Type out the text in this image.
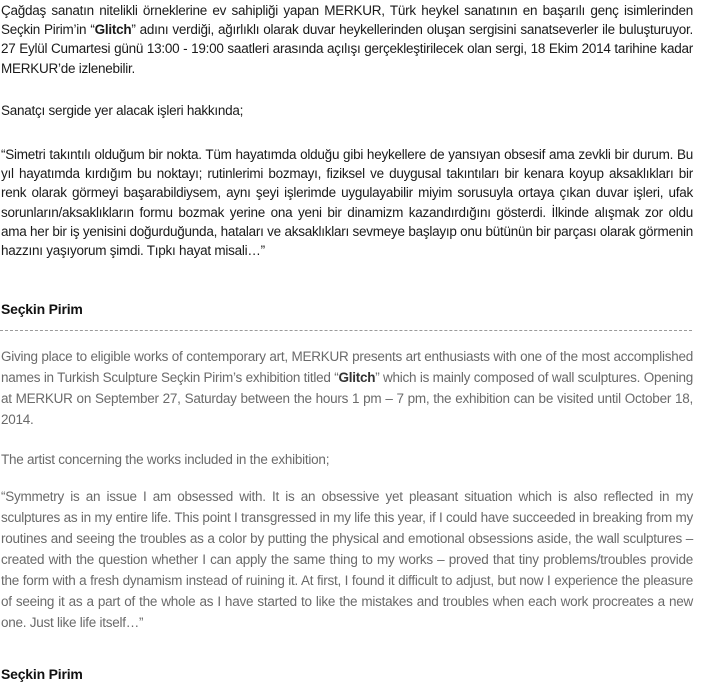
Çağdaş sanatın nitelikli örneklerine ev sahipliği yapan MERKUR, Türk heykel sanatının en başarılı genç isimlerinden Seçkin Pirim’in “Glitch” adını verdiği, ağırlıklı olarak duvar heykellerinden oluşan sergisini sanatseverler ile buluşturuyor. 27 Eylül Cumartesi günü 13:00 - 19:00 saatleri arasında açılışı gerçekleştirilecek olan sergi, 18 Ekim 2014 tarihine kadar MERKUR’de izlenebilir.

Sanatçı sergide yer alacak işleri hakkında;

“Simetri takıntılı olduğum bir nokta. Tüm hayatımda olduğu gibi heykellere de yansıyan obsesif ama zevkli bir durum. Bu yıl hayatımda kırdığım bu noktayı; rutinlerimi bozmayı, fiziksel ve duygusal takıntıları bir kenara koyup aksaklıkları bir renk olarak görmeyi başarabildiysem, aynı şeyi işlerimde uygulayabilir miyim sorusuyla ortaya çıkan duvar işleri, ufak sorunların/aksaklıkların formu bozmak yerine ona yeni bir dinamizm kazandırdığını gösterdi. İlkinde alışmak zor oldu ama her bir iş yenisini doğurduğunda, hataları ve aksaklıkları sevmeye başlayıp onu bütünün bir parçası olarak görmenin hazzını yaşıyorum şimdi. Tıpkı hayat misali…”

Seçkin Pirim

Giving place to eligible works of contemporary art, MERKUR presents art enthusiasts with one of the most accomplished names in Turkish Sculpture Seçkin Pirim’s exhibition titled “Glitch” which is mainly composed of wall sculptures. Opening at MERKUR on September 27, Saturday between the hours 1 pm – 7 pm, the exhibition can be visited until October 18, 2014.

The artist concerning the works included in the exhibition;

“Symmetry is an issue I am obsessed with. It is an obsessive yet pleasant situation which is also reflected in my sculptures as in my entire life. This point I transgressed in my life this year, if I could have succeeded in breaking from my routines and seeing the troubles as a color by putting the physical and emotional obsessions aside, the wall sculptures –created with the question whether I can apply the same thing to my works – proved that tiny problems/troubles provide the form with a fresh dynamism instead of ruining it. At first, I found it difficult to adjust, but now I experience the pleasure of seeing it as a part of the whole as I have started to like the mistakes and troubles when each work procreates a new one. Just like life itself…”

Seçkin Pirim
